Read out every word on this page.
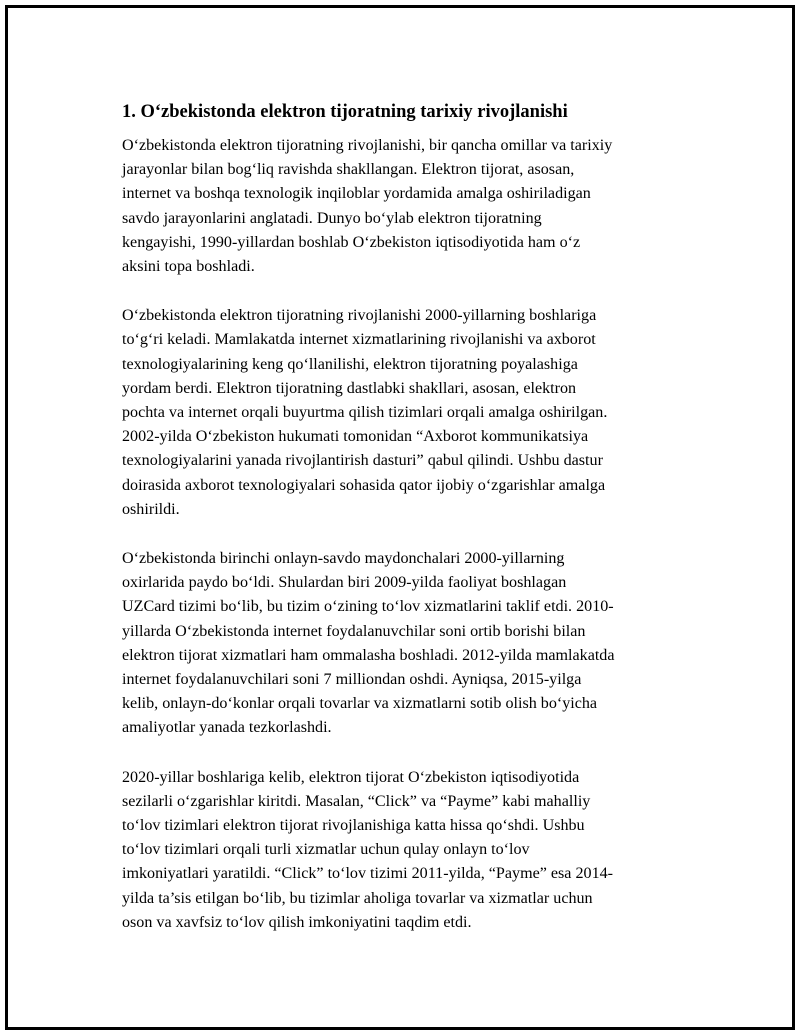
1. O‘zbekistonda elektron tijoratning tarixiy rivojlanishi

O‘zbekistonda elektron tijoratning rivojlanishi, bir qancha omillar va tarixiy
jarayonlar bilan bog‘liq ravishda shakllangan. Elektron tijorat, asosan,
internet va boshqa texnologik inqiloblar yordamida amalga oshiriladigan
savdo jarayonlarini anglatadi. Dunyo bo‘ylab elektron tijoratning
kengayishi, 1990-yillardan boshlab O‘zbekiston iqtisodiyotida ham o‘z
aksini topa boshladi.

O‘zbekistonda elektron tijoratning rivojlanishi 2000-yillarning boshlariga
to‘g‘ri keladi. Mamlakatda internet xizmatlarining rivojlanishi va axborot
texnologiyalarining keng qo‘llanilishi, elektron tijoratning poyalashiga
yordam berdi. Elektron tijoratning dastlabki shakllari, asosan, elektron
pochta va internet orqali buyurtma qilish tizimlari orqali amalga oshirilgan.
2002-yilda O‘zbekiston hukumati tomonidan “Axborot kommunikatsiya
texnologiyalarini yanada rivojlantirish dasturi” qabul qilindi. Ushbu dastur
doirasida axborot texnologiyalari sohasida qator ijobiy o‘zgarishlar amalga
oshirildi.

O‘zbekistonda birinchi onlayn-savdo maydonchalari 2000-yillarning
oxirlarida paydo bo‘ldi. Shulardan biri 2009-yilda faoliyat boshlagan
UZCard tizimi bo‘lib, bu tizim o‘zining to‘lov xizmatlarini taklif etdi. 2010-
yillarda O‘zbekistonda internet foydalanuvchilar soni ortib borishi bilan
elektron tijorat xizmatlari ham ommalasha boshladi. 2012-yilda mamlakatda
internet foydalanuvchilari soni 7 milliondan oshdi. Ayniqsa, 2015-yilga
kelib, onlayn-do‘konlar orqali tovarlar va xizmatlarni sotib olish bo‘yicha
amaliyotlar yanada tezkorlashdi.

2020-yillar boshlariga kelib, elektron tijorat O‘zbekiston iqtisodiyotida
sezilarli o‘zgarishlar kiritdi. Masalan, “Click” va “Payme” kabi mahalliy
to‘lov tizimlari elektron tijorat rivojlanishiga katta hissa qo‘shdi. Ushbu
to‘lov tizimlari orqali turli xizmatlar uchun qulay onlayn to‘lov
imkoniyatlari yaratildi. “Click” to‘lov tizimi 2011-yilda, “Payme” esa 2014-
yilda ta’sis etilgan bo‘lib, bu tizimlar aholiga tovarlar va xizmatlar uchun
oson va xavfsiz to‘lov qilish imkoniyatini taqdim etdi.
